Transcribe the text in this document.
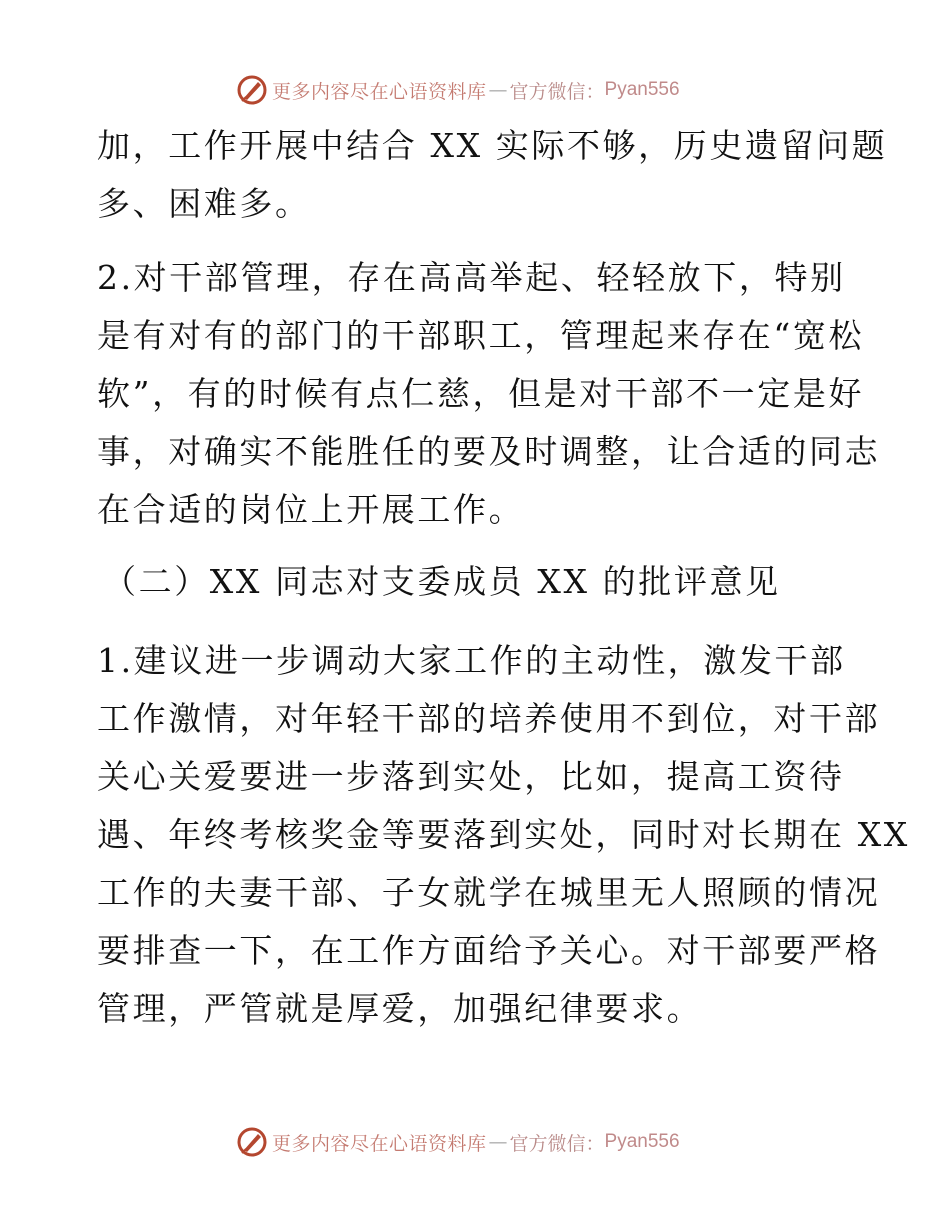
更多内容尽在心语资料库 — 官方微信： Pyan556

加，工作开展中结合 XX 实际不够，历史遗留问题

多、困难多。

2.对干部管理，存在高高举起、轻轻放下，特别

是有对有的部门的干部职工，管理起来存在“宽松

软”，有的时候有点仁慈，但是对干部不一定是好

事，对确实不能胜任的要及时调整，让合适的同志

在合适的岗位上开展工作。

（二）XX 同志对支委成员 XX 的批评意见

1.建议进一步调动大家工作的主动性，激发干部

工作激情，对年轻干部的培养使用不到位，对干部

关心关爱要进一步落到实处，比如，提高工资待

遇、年终考核奖金等要落到实处，同时对长期在 XX

工作的夫妻干部、子女就学在城里无人照顾的情况

要排查一下，在工作方面给予关心。对干部要严格

管理，严管就是厚爱，加强纪律要求。

更多内容尽在心语资料库 — 官方微信： Pyan556
